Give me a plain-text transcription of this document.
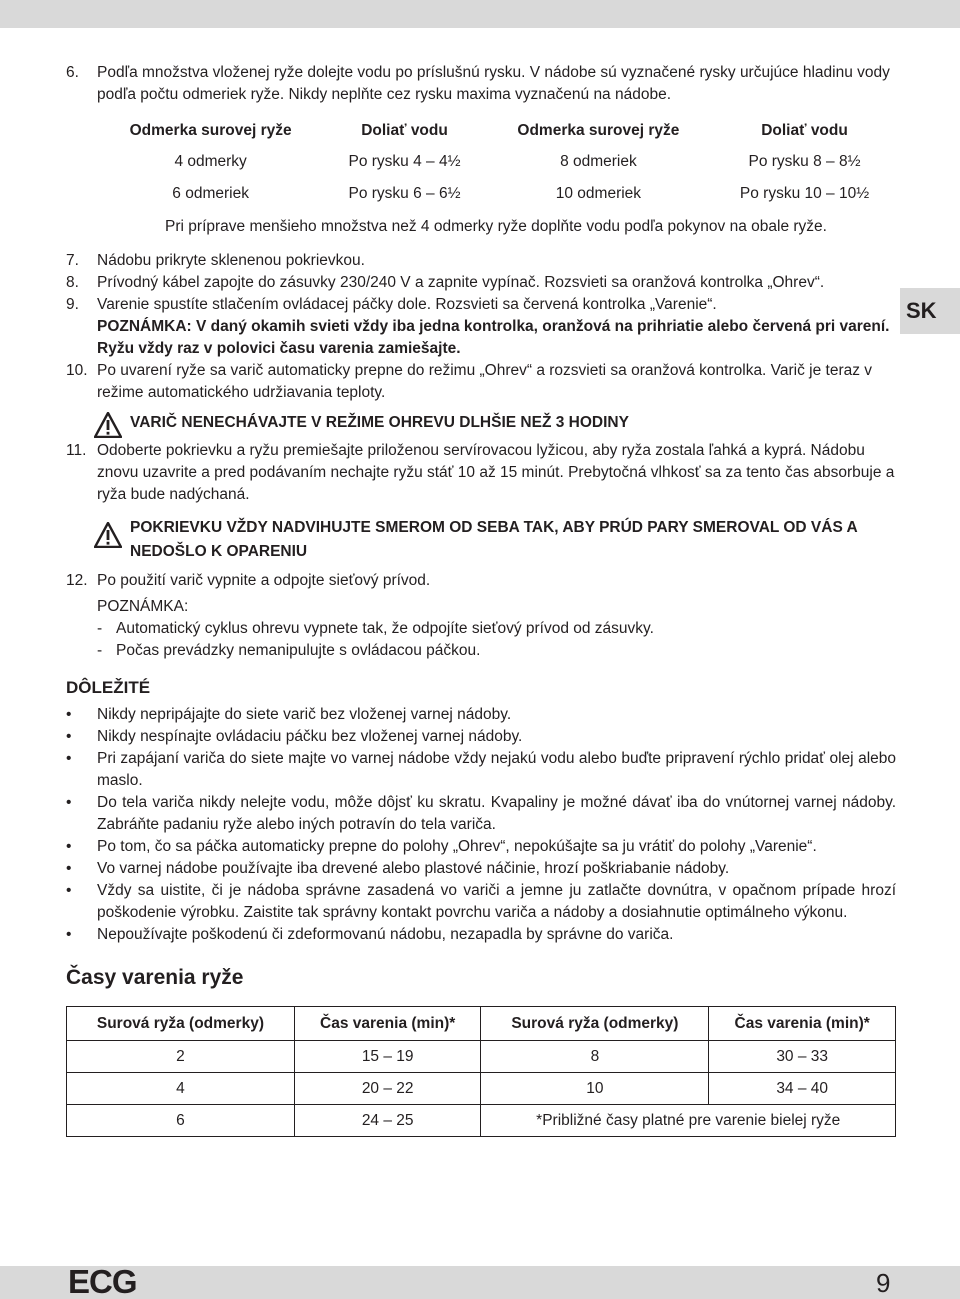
SK
6. Podľa množstva vloženej ryže dolejte vodu po príslušnú rysku. V nádobe sú vyznačené rysky určujúce hladinu vody podľa počtu odmeriek ryže. Nikdy neplňte cez rysku maxima vyznačenú na nádobe.
Odmerka surovej ryže	Doliať vodu	Odmerka surovej ryže	Doliať vodu
4 odmerky	Po rysku 4 – 4½	8 odmeriek	Po rysku 8 – 8½
6 odmeriek	Po rysku 6 – 6½	10 odmeriek	Po rysku 10 – 10½
Pri príprave menšieho množstva než 4 odmerky ryže doplňte vodu podľa pokynov na obale ryže.			
7. Nádobu prikryte sklenenou pokrievkou.
8. Prívodný kábel zapojte do zásuvky 230/240 V a zapnite vypínač. Rozsvieti sa oranžová kontrolka „Ohrev“.
9. Varenie spustíte stlačením ovládacej páčky dole. Rozsvieti sa červená kontrolka „Varenie“.
POZNÁMKA: V daný okamih svieti vždy iba jedna kontrolka, oranžová na prihriatie alebo červená pri varení. Ryžu vždy raz v polovici času varenia zamiešajte.
10. Po uvarení ryže sa varič automaticky prepne do režimu „Ohrev“ a rozsvieti sa oranžová kontrolka. Varič je teraz v režime automatického udržiavania teploty.
VARIČ NENECHÁVAJTE V REŽIME OHREVU DLHŠIE NEŽ 3 HODINY
11. Odoberte pokrievku a ryžu premiešajte priloženou servírovacou lyžicou, aby ryža zostala ľahká a kyprá. Nádobu znovu uzavrite a pred podávaním nechajte ryžu stáť 10 až 15 minút. Prebytočná vlhkosť sa za tento čas absorbuje a ryža bude nadýchaná.
POKRIEVKU VŽDY NADVIHUJTE SMEROM OD SEBA TAK, ABY PRÚD PARY SMEROVAL OD VÁS A NEDOŠLO K OPARENIU
12. Po použití varič vypnite a odpojte sieťový prívod.
POZNÁMKA:
- Automatický cyklus ohrevu vypnete tak, že odpojíte sieťový prívod od zásuvky.
- Počas prevádzky nemanipulujte s ovládacou páčkou.
DÔLEŽITÉ
• Nikdy nepripájajte do siete varič bez vloženej varnej nádoby.
• Nikdy nespínajte ovládaciu páčku bez vloženej varnej nádoby.
• Pri zapájaní variča do siete majte vo varnej nádobe vždy nejakú vodu alebo buďte pripravení rýchlo pridať olej alebo maslo.
• Do tela variča nikdy nelejte vodu, môže dôjsť ku skratu. Kvapaliny je možné dávať iba do vnútornej varnej nádoby. Zabráňte padaniu ryže alebo iných potravín do tela variča.
• Po tom, čo sa páčka automaticky prepne do polohy „Ohrev“, nepokúšajte sa ju vrátiť do polohy „Varenie“.
• Vo varnej nádobe používajte iba drevené alebo plastové náčinie, hrozí poškriabanie nádoby.
• Vždy sa uistite, či je nádoba správne zasadená vo variči a jemne ju zatlačte dovnútra, v opačnom prípade hrozí poškodenie výrobku. Zaistite tak správny kontakt povrchu variča a nádoby a dosiahnutie optimálneho výkonu.
• Nepoužívajte poškodenú či zdeformovanú nádobu, nezapadla by správne do variča.
Časy varenia ryže
Surová ryža (odmerky)	Čas varenia (min)*	Surová ryža (odmerky)	Čas varenia (min)*
2	15 – 19	8	30 – 33
4	20 – 22	10	34 – 40
6	24 – 25	*Približné časy platné pre varenie bielej ryže	
ECG	9
